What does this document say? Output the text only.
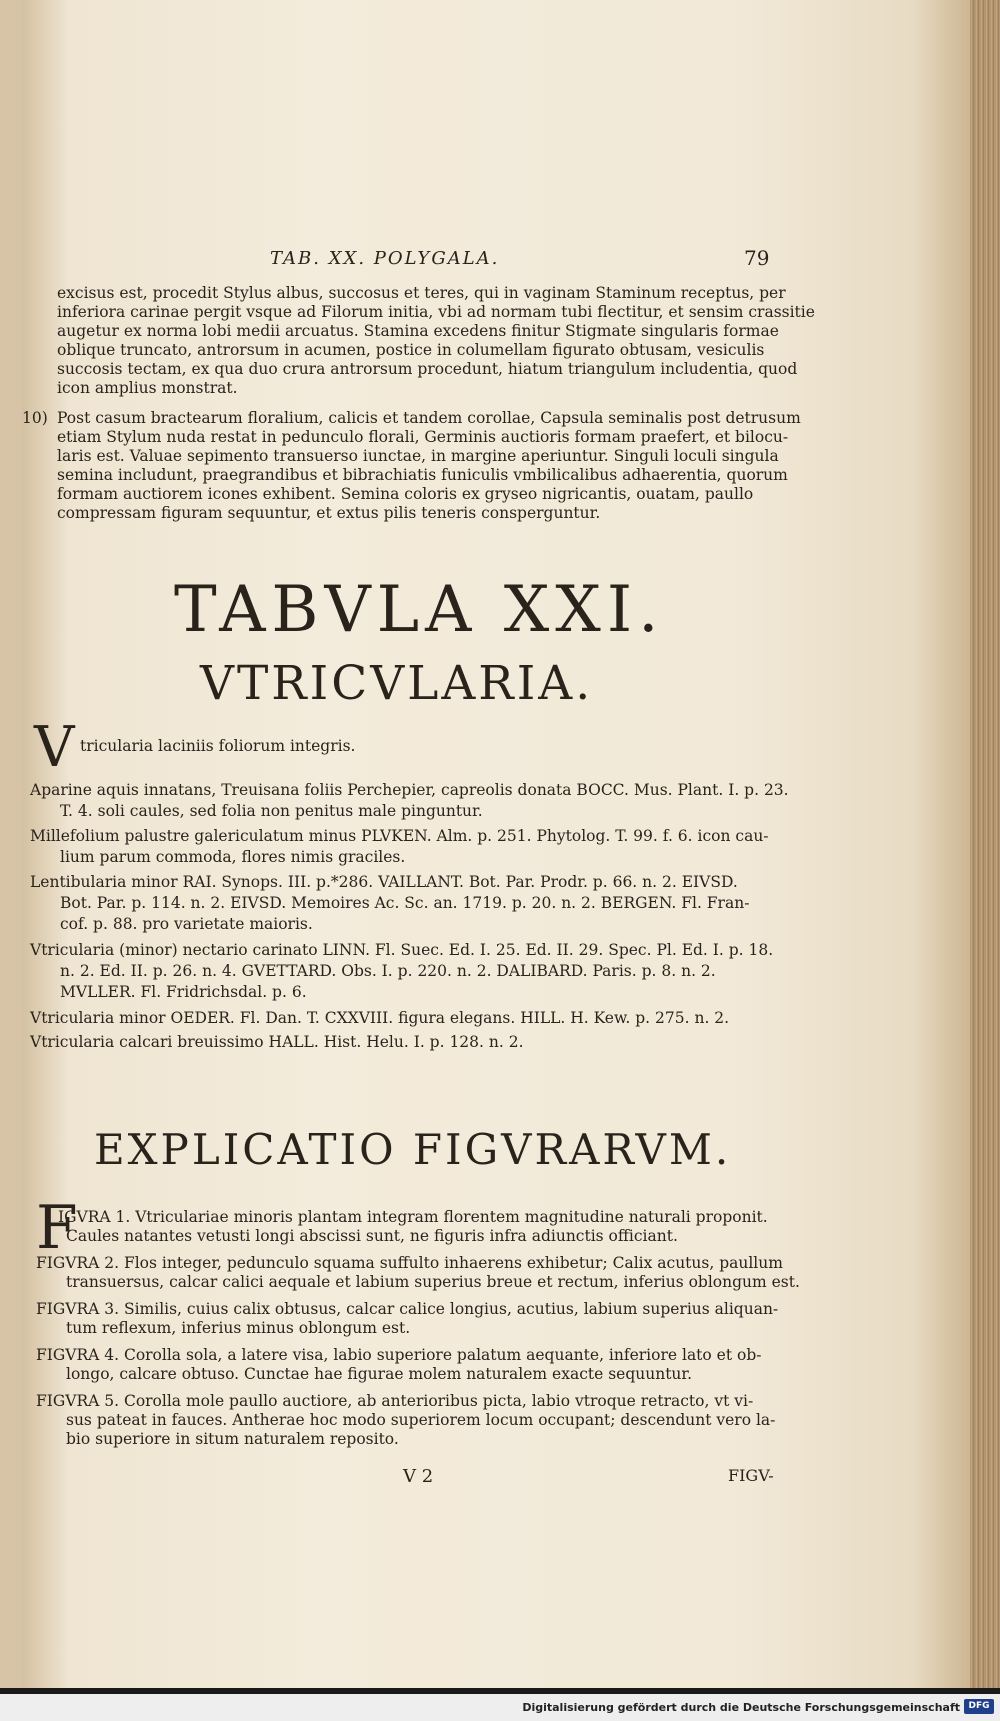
TAB. XX. POLYGALA.	79
excisus est, procedit Stylus albus, succosus et teres, qui in vaginam Staminum receptus, per
inferiora carinae pergit vsque ad Filorum initia, vbi ad normam tubi flectitur, et sensim crassitie
augetur ex norma lobi medii arcuatus. Stamina excedens finitur Stigmate singularis formae
oblique truncato, antrorsum in acumen, postice in columellam figurato obtusam, vesiculis
succosis tectam, ex qua duo crura antrorsum procedunt, hiatum triangulum includentia, quod
icon amplius monstrat.
10) Post casum bractearum floralium, calicis et tandem corollae, Capsula seminalis post detrusum
etiam Stylum nuda restat in pedunculo florali, Germinis auctioris formam praefert, et bilocu-
laris est. Valuae sepimento transuerso iunctae, in margine aperiuntur. Singuli loculi singula
semina includunt, praegrandibus et bibrachiatis funiculis vmbilicalibus adhaerentia, quorum
formam auctiorem icones exhibent. Semina coloris ex gryseo nigricantis, ouatam, paullo
compressam figuram sequuntur, et extus pilis teneris consperguntur.
TABVLA XXI.
VTRICVLARIA.
V tricularia laciniis foliorum integris.
Aparine aquis innatans, Treuisana foliis Perchepier, capreolis donata BOCC. Mus. Plant. I. p. 23.
T. 4. soli caules, sed folia non penitus male pinguntur.
Millefolium palustre galericulatum minus PLVKEN. Alm. p. 251. Phytolog. T. 99. f. 6. icon cau-
lium parum commoda, flores nimis graciles.
Lentibularia minor RAI. Synops. III. p.*286. VAILLANT. Bot. Par. Prodr. p. 66. n. 2. EIVSD.
Bot. Par. p. 114. n. 2. EIVSD. Memoires Ac. Sc. an. 1719. p. 20. n. 2. BERGEN. Fl. Fran-
cof. p. 88. pro varietate maioris.
Vtricularia (minor) nectario carinato LINN. Fl. Suec. Ed. I. 25. Ed. II. 29. Spec. Pl. Ed. I. p. 18.
n. 2. Ed. II. p. 26. n. 4. GVETTARD. Obs. I. p. 220. n. 2. DALIBARD. Paris. p. 8. n. 2.
MVLLER. Fl. Fridrichsdal. p. 6.
Vtricularia minor OEDER. Fl. Dan. T. CXXVIII. figura elegans. HILL. H. Kew. p. 275. n. 2.
Vtricularia calcari breuissimo HALL. Hist. Helu. I. p. 128. n. 2.
EXPLICATIO FIGVRARVM.
F
IGVRA 1. Vtriculariae minoris plantam integram florentem magnitudine naturali proponit.
Caules natantes vetusti longi abscissi sunt, ne figuris infra adiunctis officiant.
FIGVRA 2. Flos integer, pedunculo squama suffulto inhaerens exhibetur; Calix acutus, paullum
transuersus, calcar calici aequale et labium superius breue et rectum, inferius oblongum est.
FIGVRA 3. Similis, cuius calix obtusus, calcar calice longius, acutius, labium superius aliquan-
tum reflexum, inferius minus oblongum est.
FIGVRA 4. Corolla sola, a latere visa, labio superiore palatum aequante, inferiore lato et ob-
longo, calcare obtuso. Cunctae hae figurae molem naturalem exacte sequuntur.
FIGVRA 5. Corolla mole paullo auctiore, ab anterioribus picta, labio vtroque retracto, vt vi-
sus pateat in fauces. Antherae hoc modo superiorem locum occupant; descendunt vero la-
bio superiore in situm naturalem reposito.
V 2	FIGV-
Digitalisierung gefördert durch die Deutsche Forschungsgemeinschaft DFG
